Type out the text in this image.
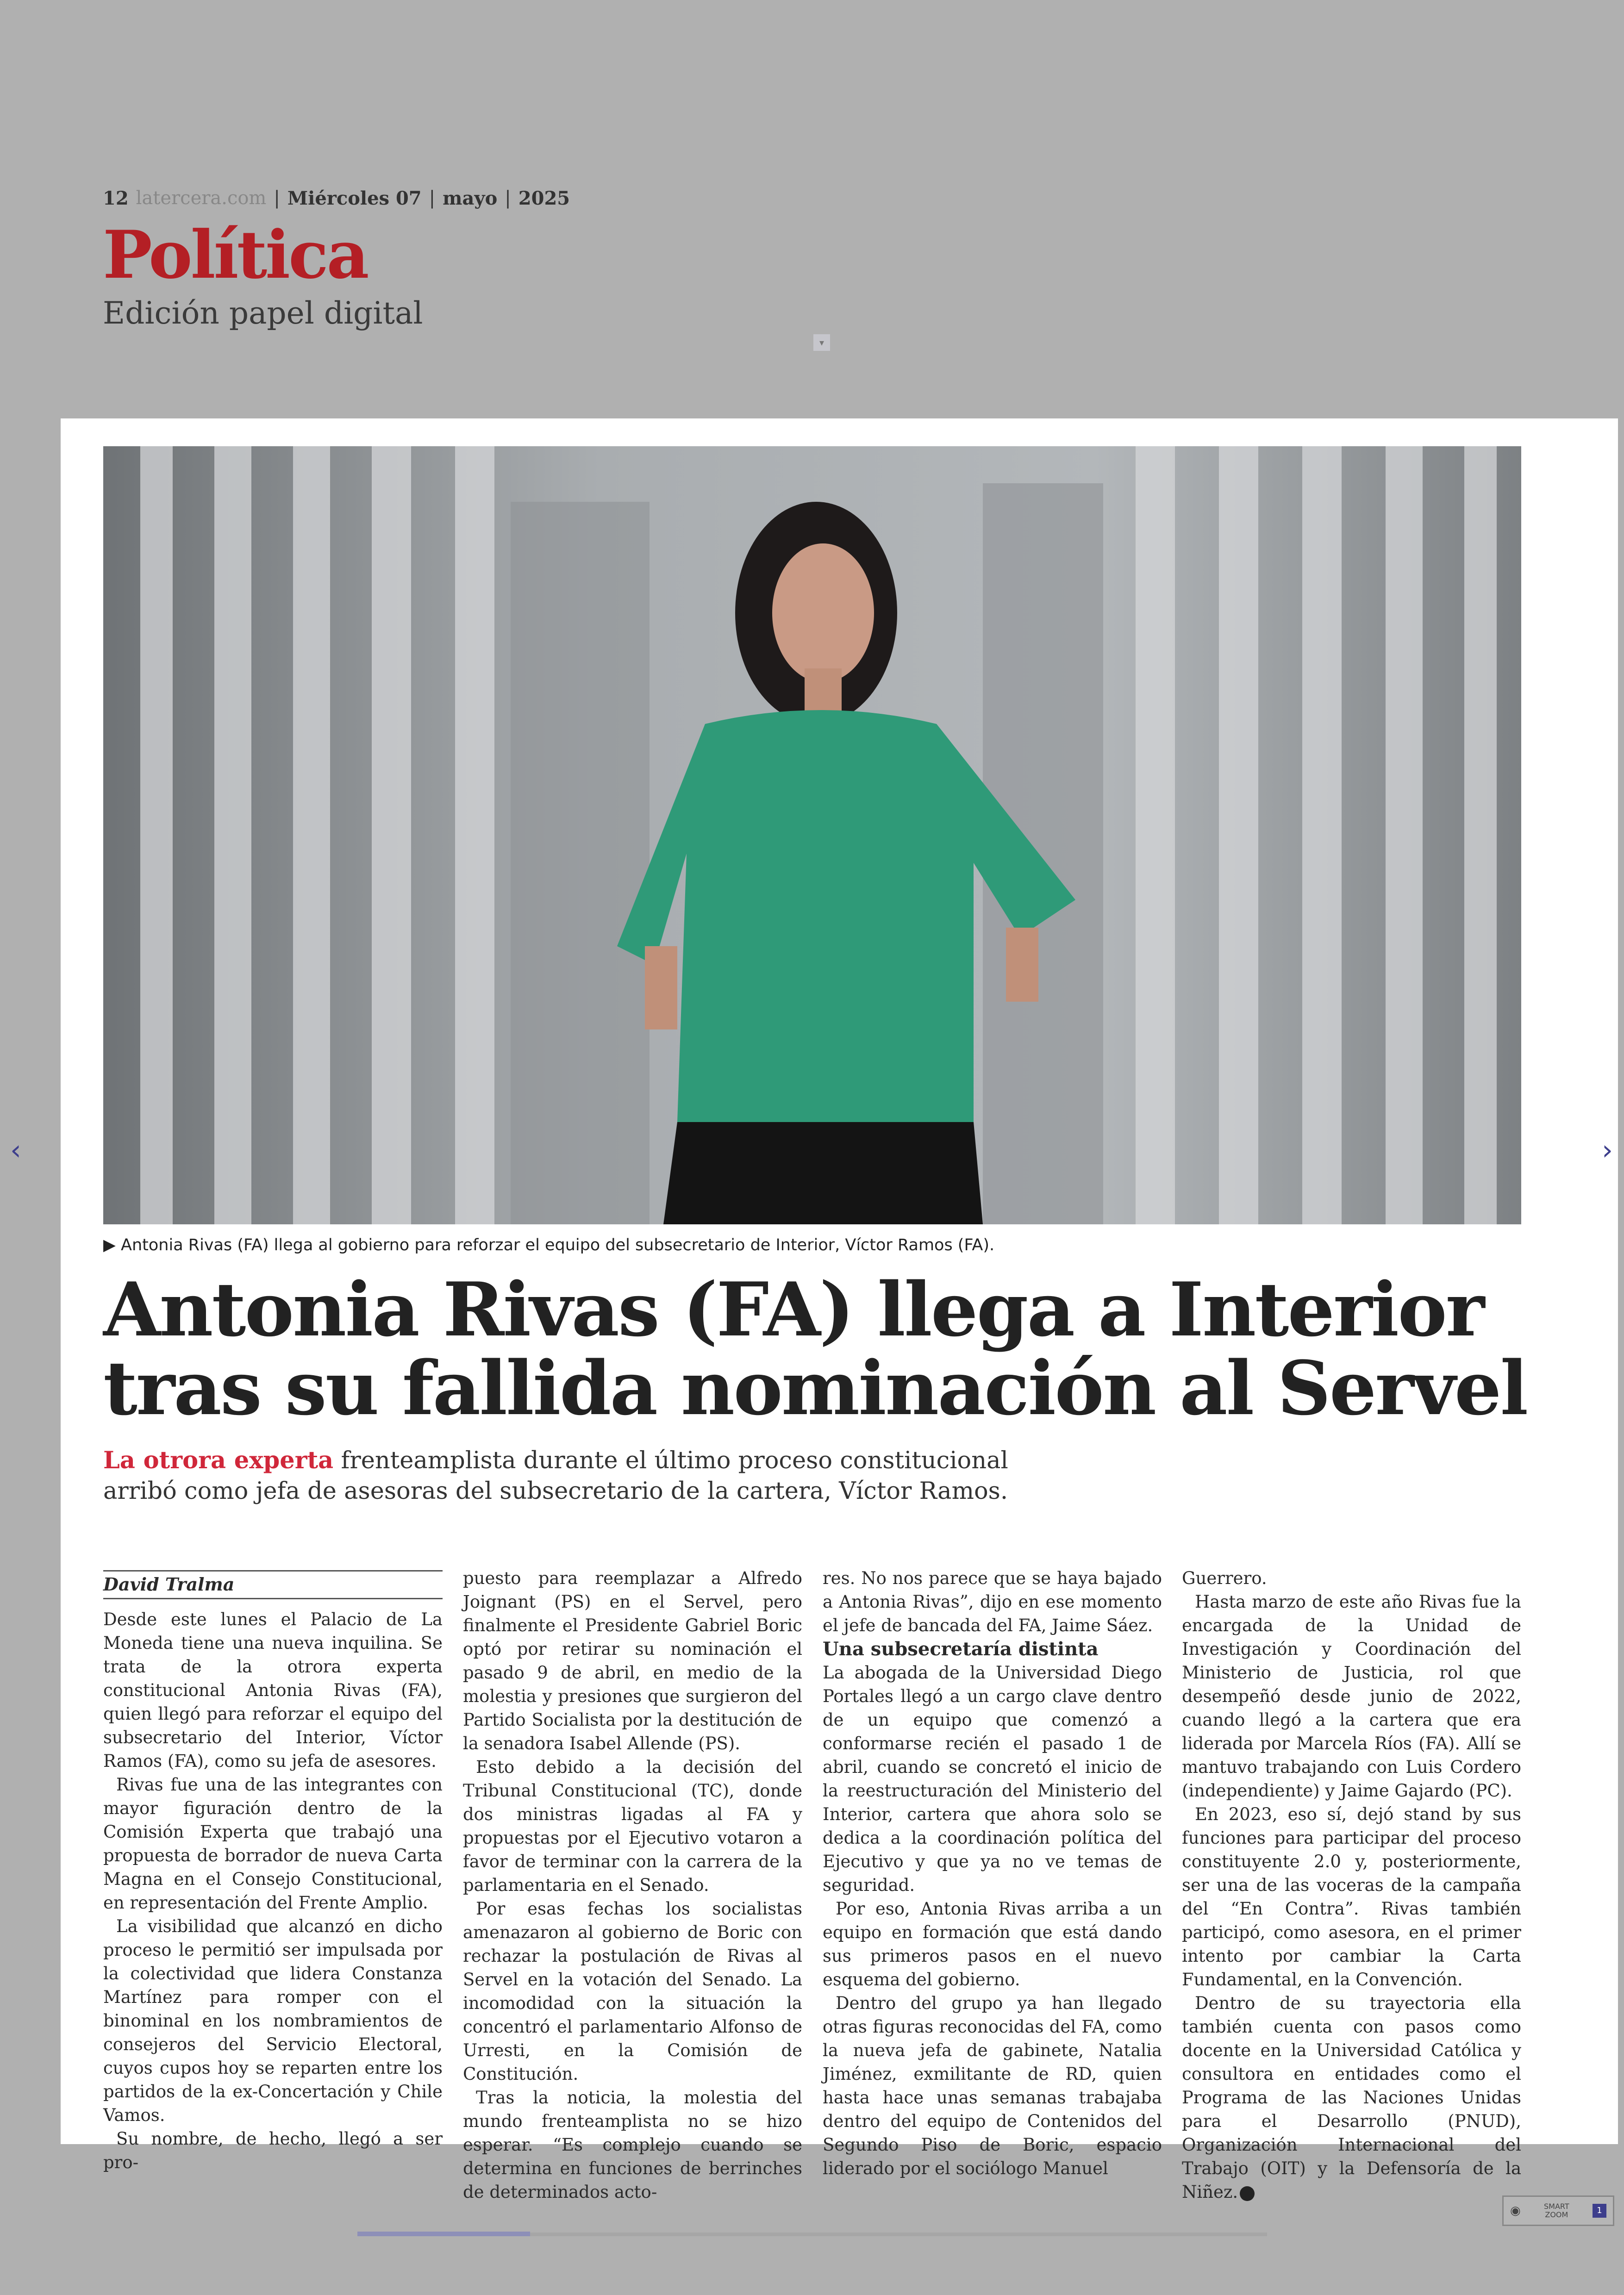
12 latercera.com | Miércoles 07 | mayo | 2025
Política
Edición papel digital
▾
▶ Antonia Rivas (FA) llega al gobierno para reforzar el equipo del subsecretario de Interior, Víctor Ramos (FA).
Antonia Rivas (FA) llega a Interior
tras su fallida nominación al Servel
La otrora experta frenteamplista durante el último proceso constitucional
arribó como jefa de asesoras del subsecretario de la cartera, Víctor Ramos.
David Tralma

Desde este lunes el Palacio de La Moneda tiene una nueva inquilina. Se trata de la otrora experta constitucional Antonia Rivas (FA), quien llegó para reforzar el equipo del subsecretario del Interior, Víctor Ramos (FA), como su jefa de asesores.

Rivas fue una de las integrantes con mayor figuración dentro de la Comisión Experta que trabajó una propuesta de borrador de nueva Carta Magna en el Consejo Constitucional, en representación del Frente Amplio.

La visibilidad que alcanzó en dicho proceso le permitió ser impulsada por la colectividad que lidera Constanza Martínez para romper con el binominal en los nombramientos de consejeros del Servicio Electoral, cuyos cupos hoy se reparten entre los partidos de la ex-Concertación y Chile Vamos.

Su nombre, de hecho, llegó a ser pro-

puesto para reemplazar a Alfredo Joignant (PS) en el Servel, pero finalmente el Presidente Gabriel Boric optó por retirar su nominación el pasado 9 de abril, en medio de la molestia y presiones que surgieron del Partido Socialista por la destitución de la senadora Isabel Allende (PS).

Esto debido a la decisión del Tribunal Constitucional (TC), donde dos ministras ligadas al FA y propuestas por el Ejecutivo votaron a favor de terminar con la carrera de la parlamentaria en el Senado.

Por esas fechas los socialistas amenazaron al gobierno de Boric con rechazar la postulación de Rivas al Servel en la votación del Senado. La incomodidad con la situación la concentró el parlamentario Alfonso de Urresti, en la Comisión de Constitución.

Tras la noticia, la molestia del mundo frenteamplista no se hizo esperar. “Es complejo cuando se determina en funciones de berrinches de determinados acto-

res. No nos parece que se haya bajado a Antonia Rivas”, dijo en ese momento el jefe de bancada del FA, Jaime Sáez.

Una subsecretaría distinta

La abogada de la Universidad Diego Portales llegó a un cargo clave dentro de un equipo que comenzó a conformarse recién el pasado 1 de abril, cuando se concretó el inicio de la reestructuración del Ministerio del Interior, cartera que ahora solo se dedica a la coordinación política del Ejecutivo y que ya no ve temas de seguridad.

Por eso, Antonia Rivas arriba a un equipo en formación que está dando sus primeros pasos en el nuevo esquema del gobierno.

Dentro del grupo ya han llegado otras figuras reconocidas del FA, como la nueva jefa de gabinete, Natalia Jiménez, exmilitante de RD, quien hasta hace unas semanas trabajaba dentro del equipo de Contenidos del Segundo Piso de Boric, espacio liderado por el sociólogo Manuel

Guerrero.

Hasta marzo de este año Rivas fue la encargada de la Unidad de Investigación y Coordinación del Ministerio de Justicia, rol que desempeñó desde junio de 2022, cuando llegó a la cartera que era liderada por Marcela Ríos (FA). Allí se mantuvo trabajando con Luis Cordero (independiente) y Jaime Gajardo (PC).

En 2023, eso sí, dejó stand by sus funciones para participar del proceso constituyente 2.0 y, posteriormente, ser una de las voceras de la campaña del “En Contra”. Rivas también participó, como asesora, en el primer intento por cambiar la Carta Fundamental, en la Convención.

Dentro de su trayectoria ella también cuenta con pasos como docente en la Universidad Católica y consultora en entidades como el Programa de las Naciones Unidas para el Desarrollo (PNUD), Organización Internacional del Trabajo (OIT) y la Defensoría de la Niñez.

‹	›
◉	SMART
ZOOM	1
